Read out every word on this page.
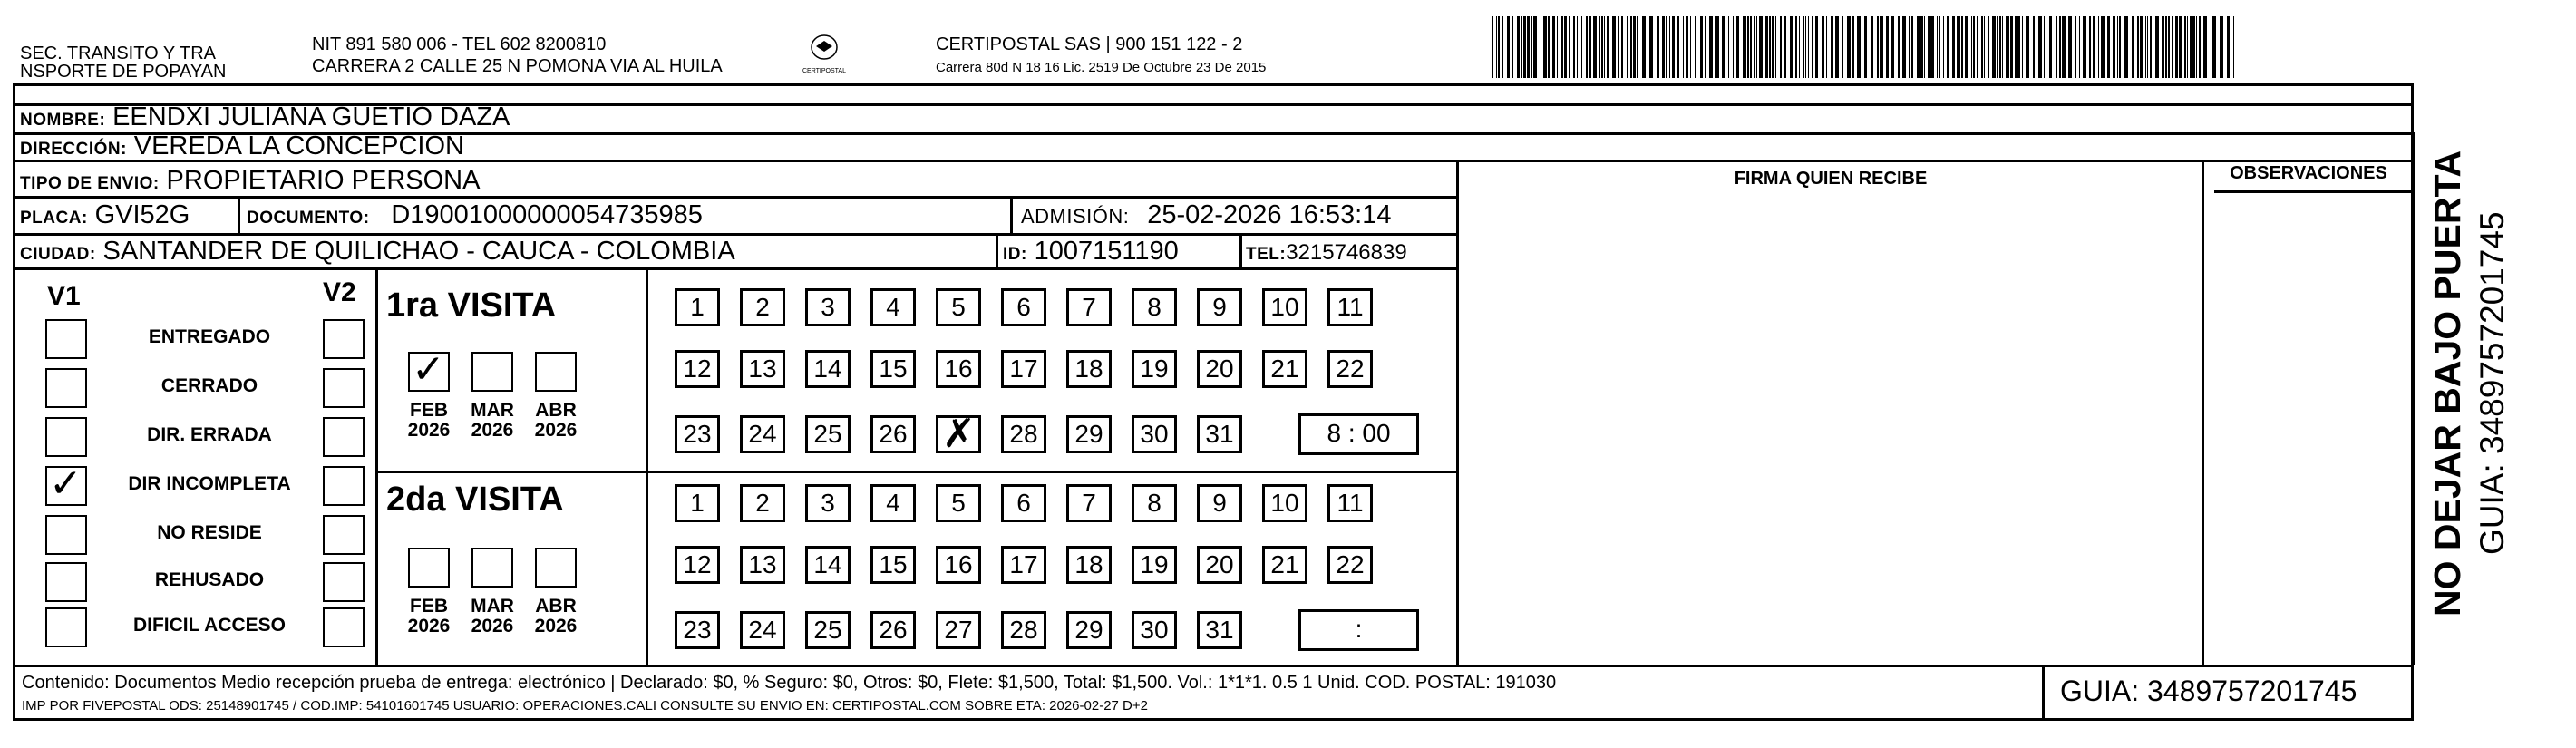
SEC. TRANSITO Y TRA
NSPORTE DE POPAYAN
NIT 891 580 006 - TEL 602 8200810
CARRERA 2 CALLE 25 N POMONA VIA AL HUILA	CERTIPOSTAL
CERTIPOSTAL SAS | 900 151 122 - 2
Carrera 80d N 18 16 Lic. 2519 De Octubre 23 De 2015
NOMBRE: EENDXI JULIANA GUETIO DAZA
DIRECCIÓN: VEREDA LA CONCEPCION
TIPO DE ENVIO: PROPIETARIO PERSONA	FIRMA QUIEN RECIBE	OBSERVACIONES
PLACA: GVI52G	DOCUMENTO: D19001000000054735985	ADMISIÓN: 25-02-2026 16:53:14
CIUDAD: SANTANDER DE QUILICHAO - CAUCA - COLOMBIA	ID: 1007151190	TEL:3215746839
V1	V2
ENTREGADO
CERRADO
DIR. ERRADA
✓	DIR INCOMPLETA
NO RESIDE
REHUSADO
DIFICIL ACCESO
1ra VISITA
2da VISITA
✓
FEB
2026
MAR
2026
ABR
2026
1	2	3	4	5	6	7	8	9	10	11
12	13	14	15	16	17	18	19	20	21	22
23	24	25	26 ✗	28	29	30	31	8 : 00
FEB
2026
MAR
2026
ABR
2026
1	2	3	4	5	6	7	8	9	10	11
12	13	14	15	16	17	18	19	20	21	22
23	24	25	26	27	28	29	30	31	:
Contenido: Documentos Medio recepción prueba de entrega: electrónico | Declarado: $0, % Seguro: $0, Otros: $0, Flete: $1,500, Total: $1,500. Vol.: 1*1*1. 0.5 1 Unid. COD. POSTAL: 191030
IMP POR FIVEPOSTAL ODS: 25148901745 / COD.IMP: 54101601745 USUARIO: OPERACIONES.CALI CONSULTE SU ENVIO EN: CERTIPOSTAL.COM SOBRE ETA: 2026-02-27 D+2	GUIA: 3489757201745
NO DEJAR BAJO PUERTA GUIA: 3489757201745
